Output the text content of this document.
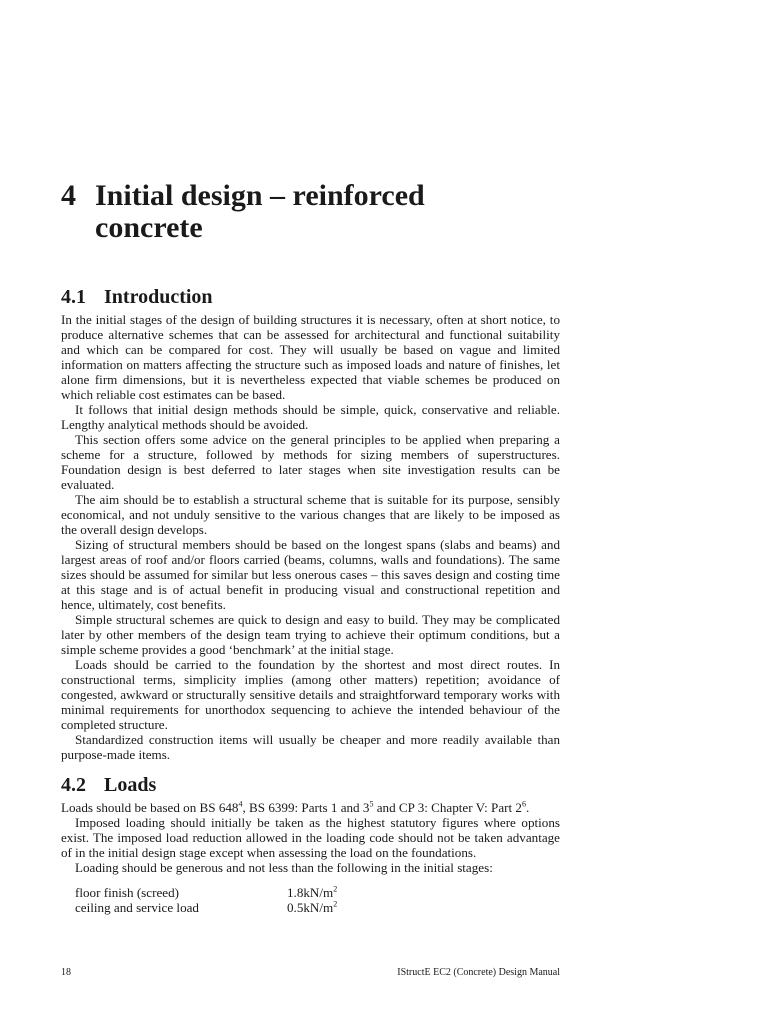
4 Initial design – reinforced concrete
4.1 Introduction

In the initial stages of the design of building structures it is necessary, often at short notice, to produce alternative schemes that can be assessed for architectural and functional suitability and which can be compared for cost. They will usually be based on vague and limited information on matters affecting the structure such as imposed loads and nature of finishes, let alone firm dimensions, but it is nevertheless expected that viable schemes be produced on which reliable cost estimates can be based.

It follows that initial design methods should be simple, quick, conservative and reliable. Lengthy analytical methods should be avoided.

This section offers some advice on the general principles to be applied when preparing a scheme for a structure, followed by methods for sizing members of superstructures. Foundation design is best deferred to later stages when site investigation results can be evaluated.

The aim should be to establish a structural scheme that is suitable for its purpose, sensibly economical, and not unduly sensitive to the various changes that are likely to be imposed as the overall design develops.

Sizing of structural members should be based on the longest spans (slabs and beams) and largest areas of roof and/or floors carried (beams, columns, walls and foundations). The same sizes should be assumed for similar but less onerous cases – this saves design and costing time at this stage and is of actual benefit in producing visual and constructional repetition and hence, ultimately, cost benefits.

Simple structural schemes are quick to design and easy to build. They may be complicated later by other members of the design team trying to achieve their optimum conditions, but a simple scheme provides a good ‘benchmark’ at the initial stage.

Loads should be carried to the foundation by the shortest and most direct routes. In constructional terms, simplicity implies (among other matters) repetition; avoidance of congested, awkward or structurally sensitive details and straightforward temporary works with minimal requirements for unorthodox sequencing to achieve the intended behaviour of the completed structure.

Standardized construction items will usually be cheaper and more readily available than purpose-made items.

4.2 Loads

Loads should be based on BS $648^4$, BS 6399: Parts 1 and $3^5$ and CP 3: Chapter V: Part $2^6$.

Imposed loading should initially be taken as the highest statutory figures where options exist. The imposed load reduction allowed in the loading code should not be taken advantage of in the initial design stage except when assessing the load on the foundations.

Loading should be generous and not less than the following in the initial stages:

floor finish (screed)	$1.8kN/m^2$
ceiling and service load	$0.5kN/m^2$
18	IStructE EC2 (Concrete) Design Manual
